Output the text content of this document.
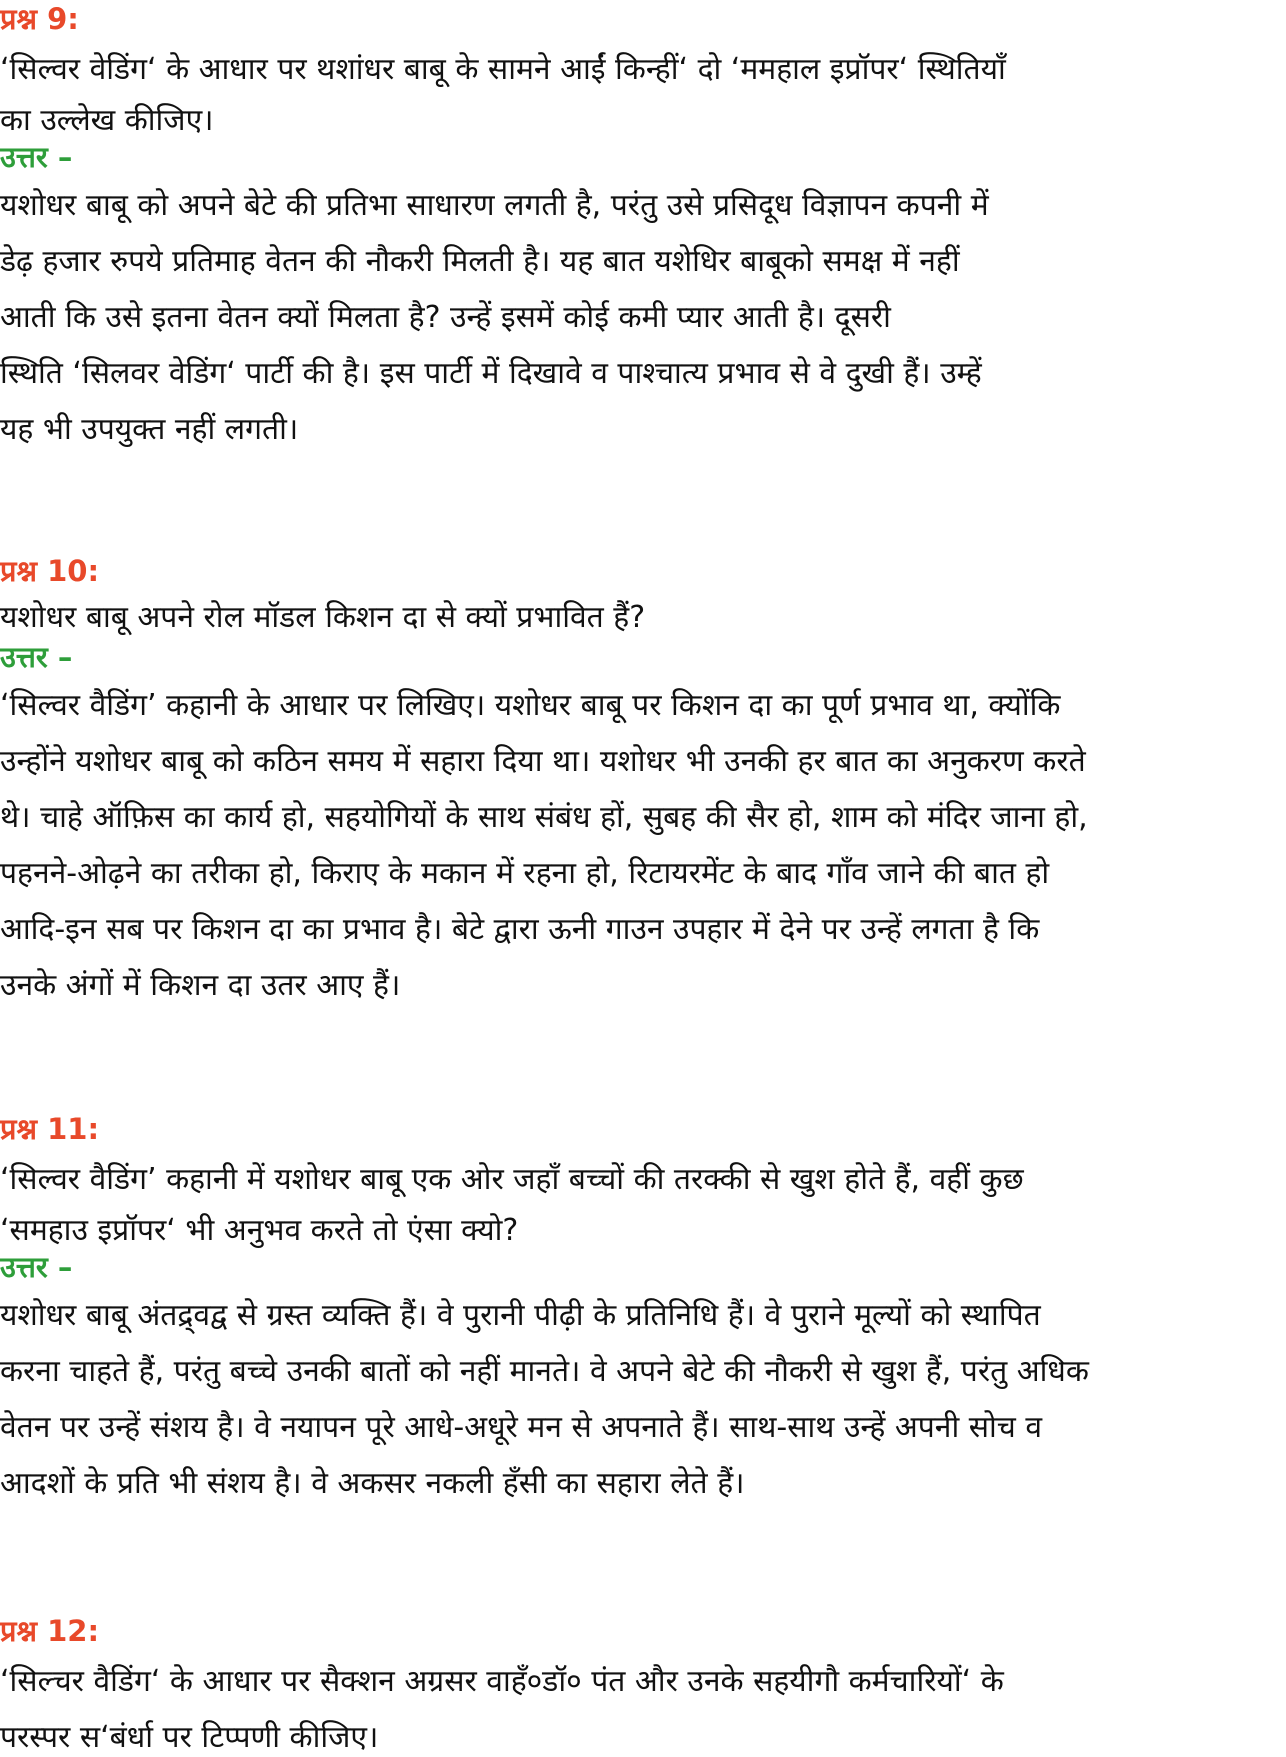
प्रश्न 9:
‘सिल्वर वेडिंग‘ के आधार पर थशांधर बाबू के सामने आईं किन्हीं‘ दो ‘ममहाल इप्रॉपर‘ स्थितियाँ
का उल्लेख कीजिए।
उत्तर –
यशोधर बाबू को अपने बेटे की प्रतिभा साधारण लगती है, परंतु उसे प्रसिदूध विज्ञापन कपनी में
डेढ़ हजार रुपये प्रतिमाह वेतन की नौकरी मिलती है। यह बात यशेधिर बाबूको समक्ष में नहीं
आती कि उसे इतना वेतन क्यों मिलता है? उन्हें इसमें कोई कमी प्यार आती है। दूसरी
स्थिति ‘सिलवर वेडिंग‘ पार्टी की है। इस पार्टी में दिखावे व पाश्चात्य प्रभाव से वे दुखी हैं। उम्हें
यह भी उपयुक्त नहीं लगती।
प्रश्न 10:
यशोधर बाबू अपने रोल मॉडल किशन दा से क्यों प्रभावित हैं?
उत्तर –
‘सिल्वर वैडिंग’ कहानी के आधार पर लिखिए। यशोधर बाबू पर किशन दा का पूर्ण प्रभाव था, क्योंकि
उन्होंने यशोधर बाबू को कठिन समय में सहारा दिया था। यशोधर भी उनकी हर बात का अनुकरण करते
थे। चाहे ऑफ़िस का कार्य हो, सहयोगियों के साथ संबंध हों, सुबह की सैर हो, शाम को मंदिर जाना हो,
पहनने-ओढ़ने का तरीका हो, किराए के मकान में रहना हो, रिटायरमेंट के बाद गाँव जाने की बात हो
आदि-इन सब पर किशन दा का प्रभाव है। बेटे द्वारा ऊनी गाउन उपहार में देने पर उन्हें लगता है कि
उनके अंगों में किशन दा उतर आए हैं।
प्रश्न 11:
‘सिल्वर वैडिंग’ कहानी में यशोधर बाबू एक ओर जहाँ बच्चों की तरक्की से खुश होते हैं, वहीं कुछ
‘समहाउ इप्रॉपर‘ भी अनुभव करते तो एंसा क्यो?
उत्तर –
यशोधर बाबू अंतद्र्वद्व से ग्रस्त व्यक्ति हैं। वे पुरानी पीढ़ी के प्रतिनिधि हैं। वे पुराने मूल्यों को स्थापित
करना चाहते हैं, परंतु बच्चे उनकी बातों को नहीं मानते। वे अपने बेटे की नौकरी से खुश हैं, परंतु अधिक
वेतन पर उन्हें संशय है। वे नयापन पूरे आधे-अधूरे मन से अपनाते हैं। साथ-साथ उन्हें अपनी सोच व
आदशों के प्रति भी संशय है। वे अकसर नकली हँसी का सहारा लेते हैं।
प्रश्न 12:
‘सिल्चर वैडिंग‘ के आधार पर सैक्शन अग्रसर वाहँ०डॉ० पंत और उनके सहयीगौ कर्मचारियों‘ के
परस्पर स‘बंर्धा पर टिप्पणी कीजिए।
